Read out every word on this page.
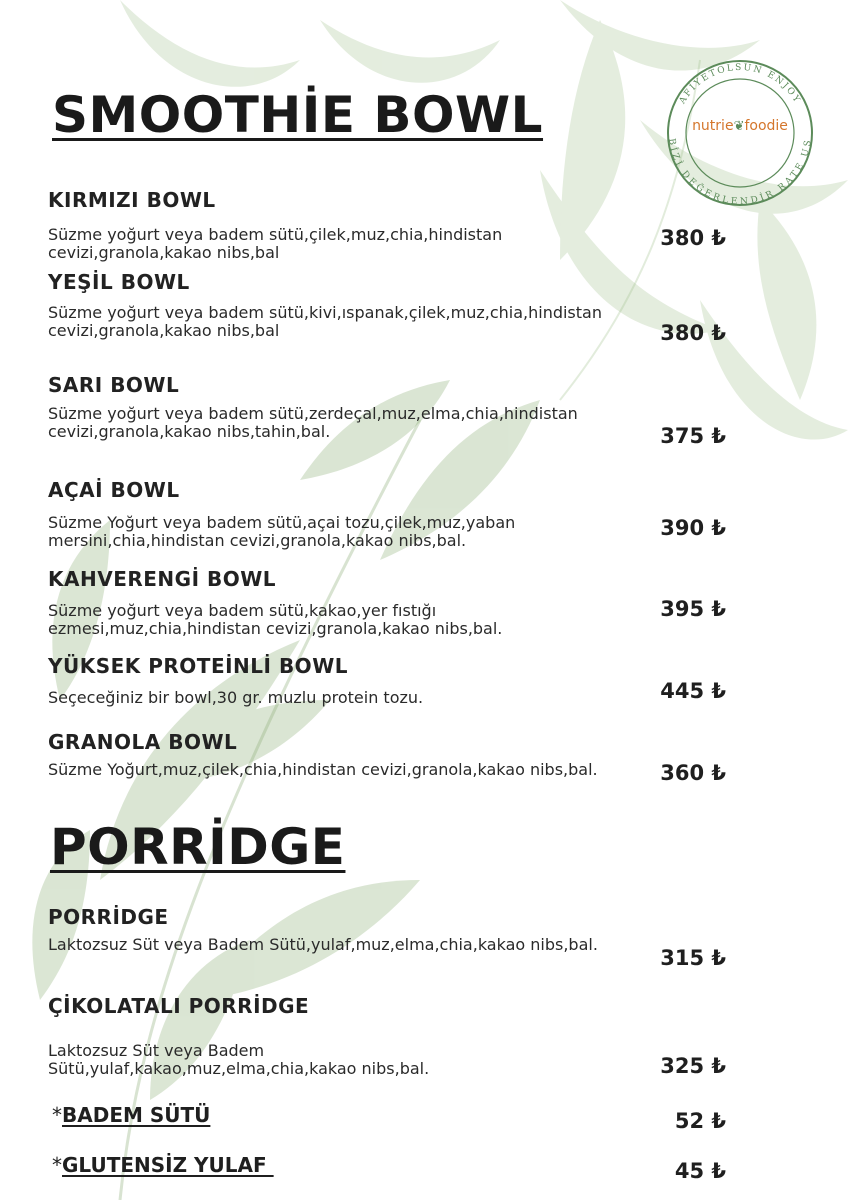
AFİYETOLSUN ENJOY
BİZİ DEĞERLENDİR RATE US
nutrie❦foodie
SMOOTHİE BOWL
PORRİDGE
KIRMIZI BOWL
Süzme yoğurt veya badem sütü,çilek,muz,chia,hindistan cevizi,granola,kakao nibs,bal
380 ₺
YEŞİL BOWL
Süzme yoğurt veya badem sütü,kivi,ıspanak,çilek,muz,chia,hindistan cevizi,granola,kakao nibs,bal	380 ₺
SARI BOWL
Süzme yoğurt veya badem sütü,zerdeçal,muz,elma,chia,hindistan cevizi,granola,kakao nibs,tahin,bal.	375 ₺
AÇAİ BOWL
Süzme Yoğurt veya badem sütü,açai tozu,çilek,muz,yaban mersini,chia,hindistan cevizi,granola,kakao nibs,bal.
390 ₺
KAHVERENGİ BOWL
Süzme yoğurt veya badem sütü,kakao,yer fıstığı ezmesi,muz,chia,hindistan cevizi,granola,kakao nibs,bal.
395 ₺
YÜKSEK PROTEİNLİ BOWL
Seçeceğiniz bir bowl,30 gr. muzlu protein tozu.	445 ₺
GRANOLA BOWL
Süzme Yoğurt,muz,çilek,chia,hindistan cevizi,granola,kakao nibs,bal.	360 ₺
PORRİDGE
Laktozsuz Süt veya Badem Sütü,yulaf,muz,elma,chia,kakao nibs,bal.
315 ₺
ÇİKOLATALI PORRİDGE
Laktozsuz Süt veya Badem Sütü,yulaf,kakao,muz,elma,chia,kakao nibs,bal.	325 ₺
*BADEM SÜTÜ	52 ₺
*GLUTENSİZ YULAF	45 ₺
